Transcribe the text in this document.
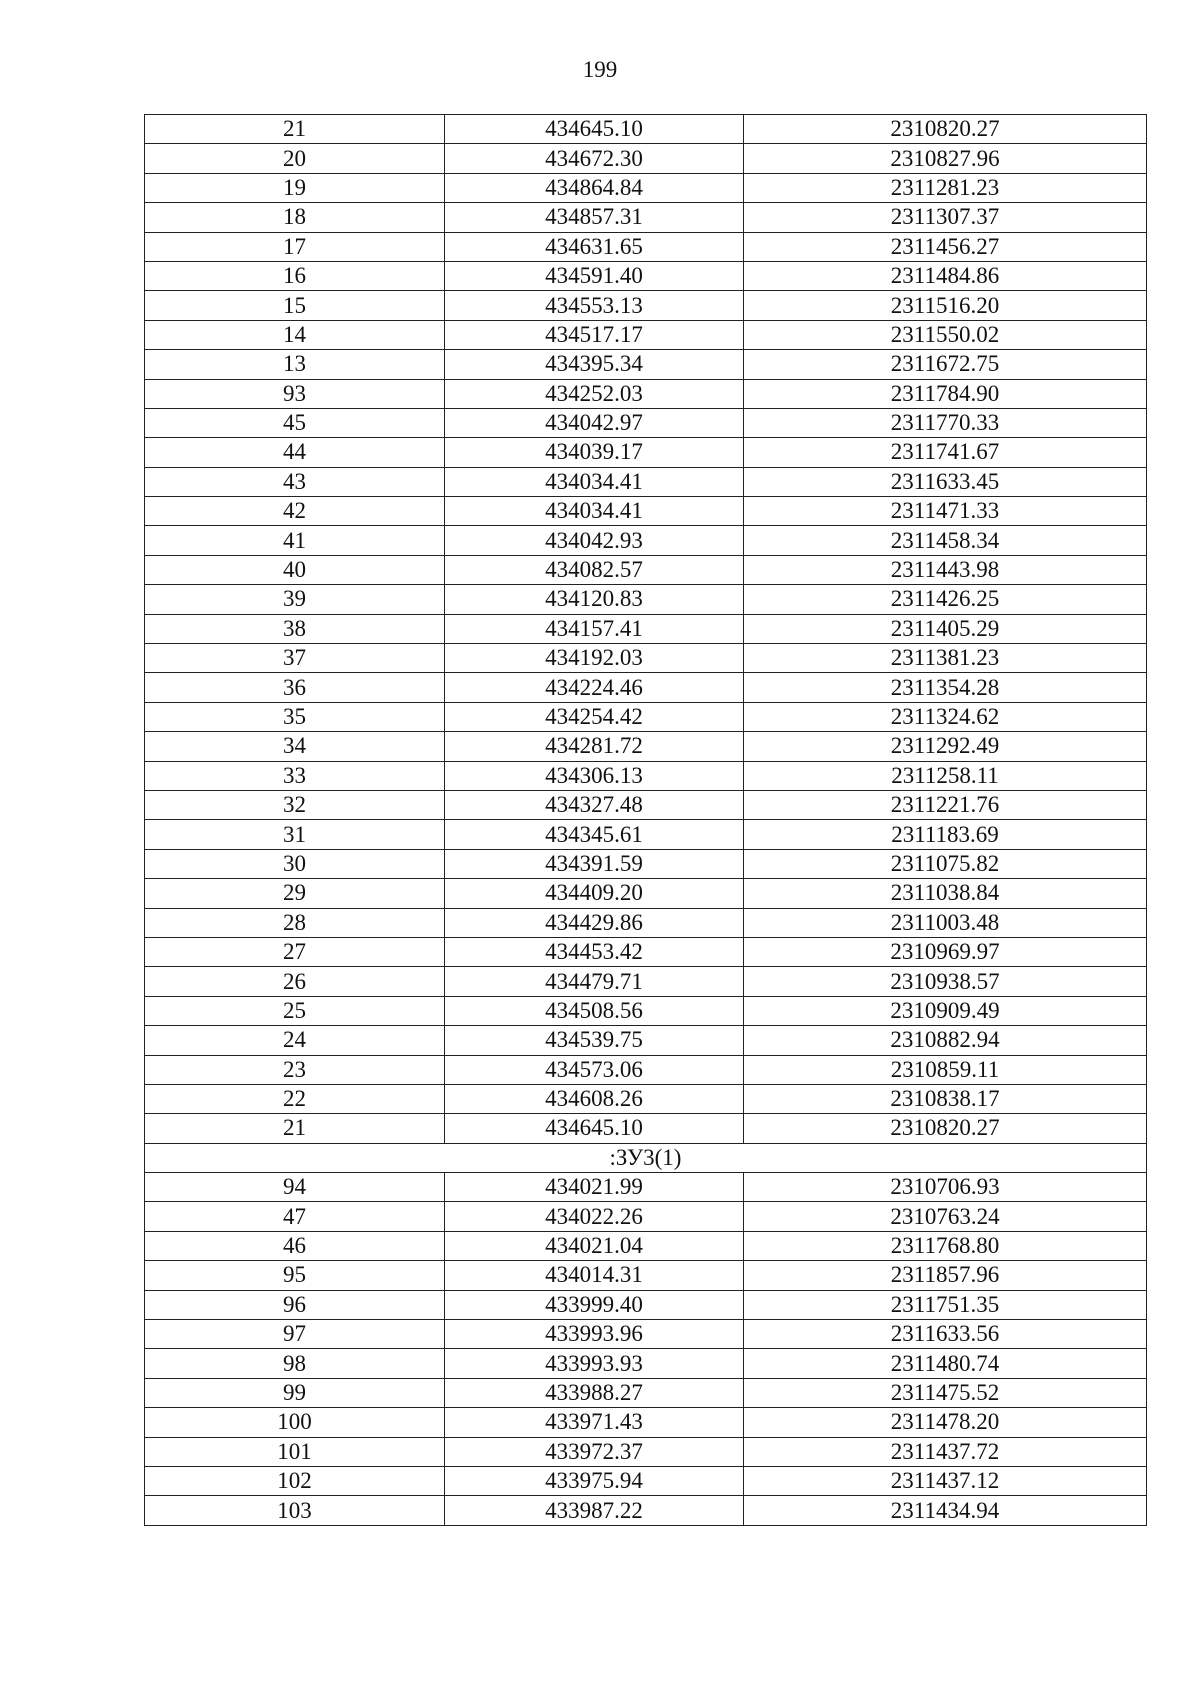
199
21	434645.10	2310820.27
20	434672.30	2310827.96
19	434864.84	2311281.23
18	434857.31	2311307.37
17	434631.65	2311456.27
16	434591.40	2311484.86
15	434553.13	2311516.20
14	434517.17	2311550.02
13	434395.34	2311672.75
93	434252.03	2311784.90
45	434042.97	2311770.33
44	434039.17	2311741.67
43	434034.41	2311633.45
42	434034.41	2311471.33
41	434042.93	2311458.34
40	434082.57	2311443.98
39	434120.83	2311426.25
38	434157.41	2311405.29
37	434192.03	2311381.23
36	434224.46	2311354.28
35	434254.42	2311324.62
34	434281.72	2311292.49
33	434306.13	2311258.11
32	434327.48	2311221.76
31	434345.61	2311183.69
30	434391.59	2311075.82
29	434409.20	2311038.84
28	434429.86	2311003.48
27	434453.42	2310969.97
26	434479.71	2310938.57
25	434508.56	2310909.49
24	434539.75	2310882.94
23	434573.06	2310859.11
22	434608.26	2310838.17
21	434645.10	2310820.27
:ЗУ3(1)		
94	434021.99	2310706.93
47	434022.26	2310763.24
46	434021.04	2311768.80
95	434014.31	2311857.96
96	433999.40	2311751.35
97	433993.96	2311633.56
98	433993.93	2311480.74
99	433988.27	2311475.52
100	433971.43	2311478.20
101	433972.37	2311437.72
102	433975.94	2311437.12
103	433987.22	2311434.94
